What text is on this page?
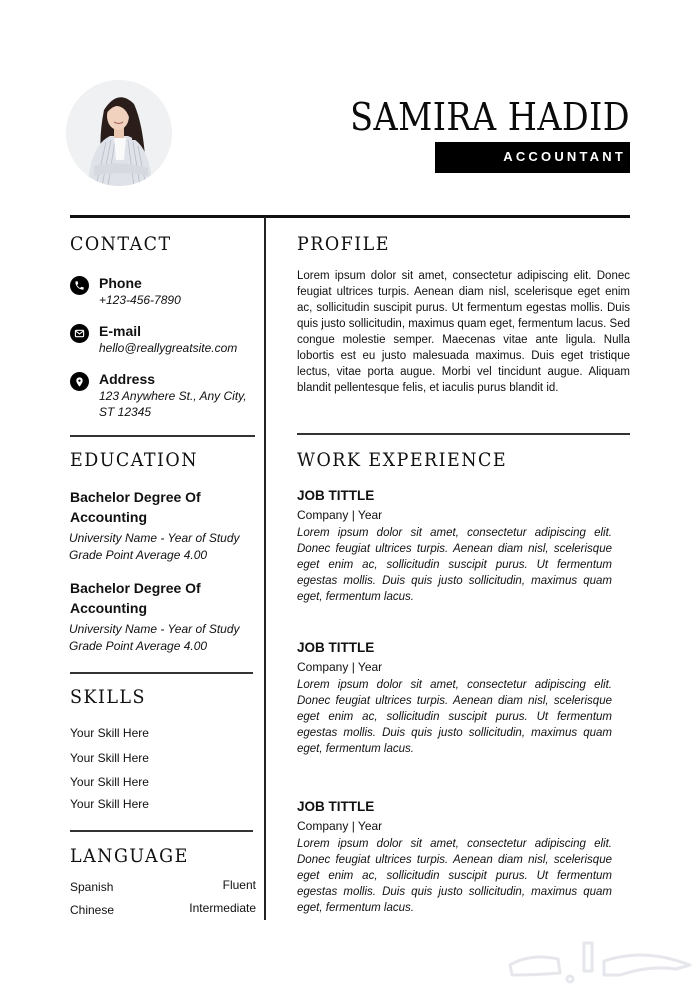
SAMIRA HADID
ACCOUNTANT
CONTACT
Phone
+123-456-7890
E-mail
hello@reallygreatsite.com
Address
123 Anywhere St., Any City,
ST 12345
EDUCATION
Bachelor Degree Of
Accounting
University Name - Year of Study
Grade Point Average 4.00
Bachelor Degree Of
Accounting
University Name - Year of Study
Grade Point Average 4.00
SKILLS
Your Skill Here
Your Skill Here
Your Skill Here
Your Skill Here
LANGUAGE
Spanish	Fluent
Chinese	Intermediate
PROFILE
Lorem ipsum dolor sit amet, consectetur adipiscing elit. Donec feugiat ultrices turpis. Aenean diam nisl, scelerisque eget enim ac, sollicitudin suscipit purus. Ut fermentum egestas mollis. Duis quis justo sollicitudin, maximus quam eget, fermentum lacus. Sed congue molestie semper. Maecenas vitae ante ligula. Nulla lobortis est eu justo malesuada maximus. Duis eget tristique lectus, vitae porta augue. Morbi vel tincidunt augue. Aliquam blandit pellentesque felis, et iaculis purus blandit id.
WORK EXPERIENCE
JOB TITTLE
Company | Year
Lorem ipsum dolor sit amet, consectetur adipiscing elit. Donec feugiat ultrices turpis. Aenean diam nisl, scelerisque eget enim ac, sollicitudin suscipit purus. Ut fermentum egestas mollis. Duis quis justo sollicitudin, maximus quam eget, fermentum lacus.
JOB TITTLE
Company | Year
Lorem ipsum dolor sit amet, consectetur adipiscing elit. Donec feugiat ultrices turpis. Aenean diam nisl, scelerisque eget enim ac, sollicitudin suscipit purus. Ut fermentum egestas mollis. Duis quis justo sollicitudin, maximus quam eget, fermentum lacus.
JOB TITTLE
Company | Year
Lorem ipsum dolor sit amet, consectetur adipiscing elit. Donec feugiat ultrices turpis. Aenean diam nisl, scelerisque eget enim ac, sollicitudin suscipit purus. Ut fermentum egestas mollis. Duis quis justo sollicitudin, maximus quam eget, fermentum lacus.
